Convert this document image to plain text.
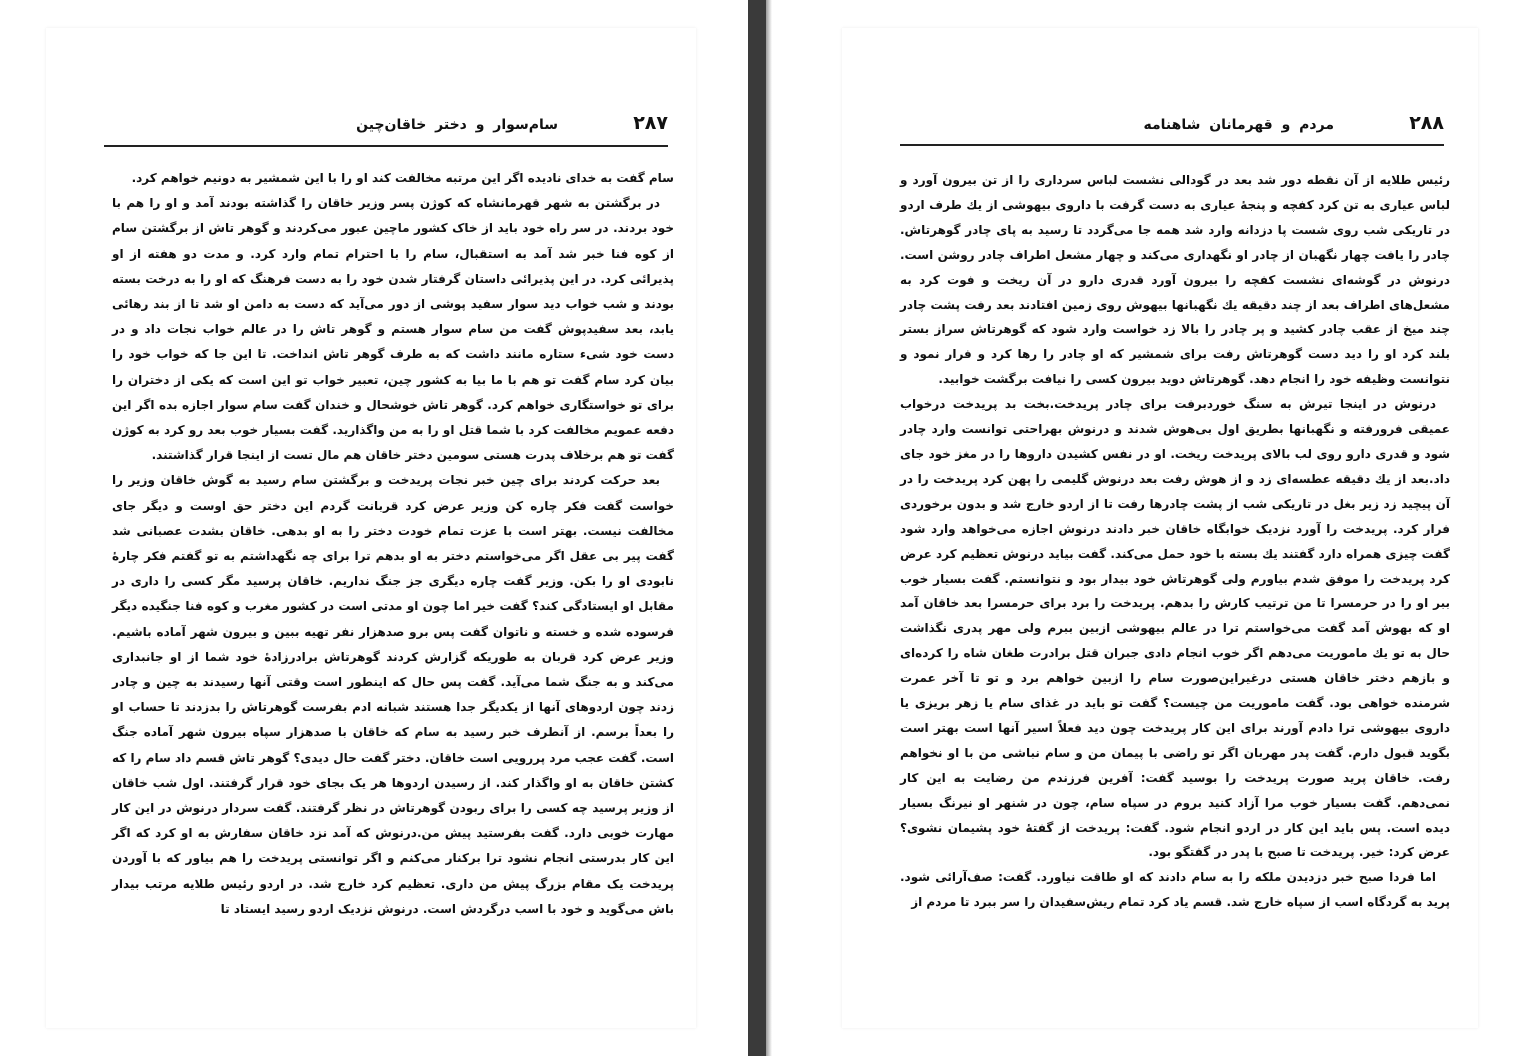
۲۸۷
سام‌سوار و دختر خاقان‌چین

سام گفت به خدای نادیده اگر این مرتبه مخالفت کند او را با این شمشیر به دونیم خواهم کرد.

در برگشتن به شهر قهرمانشاه که کوژن پسر وزیر خاقان را گذاشته بودند آمد و او را هم با خود بردند. در سر راه خود باید از خاک کشور ماچین عبور می‌کردند و گوهر تاش از برگشتن سام از کوه فنا خبر شد آمد به استقبال، سام را با احترام تمام وارد کرد. و مدت دو هفته از او پذیرائی کرد. در این پذیرائی داستان گرفتار شدن خود را به دست فرهنگ که او را به درخت بسته بودند و شب خواب دید سوار سفید پوشی از دور می‌آید که دست به دامن او شد تا از بند رهائی یابد، بعد سفیدپوش گفت من سام سوار هستم و گوهر تاش را در عالم خواب نجات داد و در دست خود شیء ستاره مانند داشت که به طرف گوهر تاش انداخت. تا این جا که خواب خود را بیان کرد سام گفت تو هم با ما بیا به کشور چین، تعبیر خواب تو این است که یکی از دختران را برای تو خواستگاری خواهم کرد. گوهر تاش خوشحال و خندان گفت سام سوار اجازه بده اگر این دفعه عمویم مخالفت کرد با شما قتل او را به من واگذارید. گفت بسیار خوب بعد رو کرد به کوژن گفت تو هم برخلاف پدرت هستی سومین دختر خاقان هم مال تست از اینجا قرار گذاشتند.

بعد حرکت کردند برای چین خبر نجات پریدخت و برگشتن سام رسید به گوش خاقان وزیر را خواست گفت فکر چاره کن وزیر عرض کرد قربانت گردم این دختر حق اوست و دیگر جای مخالفت نیست. بهتر است با عزت تمام خودت دختر را به او بدهی. خاقان بشدت عصبانی شد گفت پیر بی عقل اگر می‌خواستم دختر به او بدهم ترا برای چه نگهداشتم به تو گفتم فکر چارهٔ نابودی او را بکن. وزیر گفت چاره دیگری جز جنگ نداریم. خاقان پرسید مگر کسی را داری در مقابل او ایستادگی کند؟ گفت خیر اما چون او مدتی است در کشور مغرب و کوه فنا جنگیده دیگر فرسوده شده و خسته و ناتوان گفت پس برو صدهزار نفر تهیه ببین و بیرون شهر آماده باشیم. وزیر عرض کرد قربان به طوریکه گزارش کردند گوهرتاش برادرزادهٔ خود شما از او جانبداری می‌کند و به جنگ شما می‌آید. گفت پس حال که اینطور است وقتی آنها رسیدند به چین و چادر زدند چون اردوهای آنها از یکدیگر جدا هستند شبانه ادم بفرست گوهرتاش را بدزدند تا حساب او را بعداً برسم. از آنطرف خبر رسید به سام که خاقان با صدهزار سپاه بیرون شهر آماده جنگ است. گفت عجب مرد پررویی است خاقان. دختر گفت حال دیدی؟ گوهر تاش قسم داد سام را که کشتن خاقان به او واگذار کند. از رسیدن اردوها هر یک بجای خود قرار گرفتند. اول شب خاقان از وزیر پرسید چه کسی را برای ربودن گوهرتاش در نظر گرفتند. گفت سردار درنوش در این کار مهارت خوبی دارد. گفت بفرستید پیش من.درنوش که آمد نزد خاقان سفارش به او کرد که اگر این کار بدرستی انجام نشود ترا برکنار می‌کنم و اگر توانستی پریدخت را هم بیاور که با آوردن پریدخت یک مقام بزرگ پیش من داری. تعظیم کرد خارج شد. در اردو رئیس طلایه مرتب بیدار باش می‌گوید و خود با اسب درگردش است. درنوش نزدیک اردو رسید ایستاد تا

۲۸۸
مردم و قهرمانان شاهنامه

رئیس طلایه از آن نقطه دور شد بعد در گودالی نشست لباس سرداری را از تن بیرون آورد و لباس عیاری به تن کرد کفچه و پنجهٔ عیاری به دست گرفت با داروی بیهوشی از یك طرف اردو در تاریکی شب روی شست پا دزدانه وارد شد همه جا می‌گردد تا رسید به پای چادر گوهرتاش. چادر را یافت چهار نگهبان از چادر او نگهداری می‌کند و چهار مشعل اطراف چادر روشن است. درنوش در گوشه‌ای نشست کفچه را بیرون آورد قدری دارو در آن ریخت و فوت کرد به مشعل‌های اطراف بعد از چند دقیقه یك نگهبانها بیهوش روی زمین افتادند بعد رفت پشت چادر چند میخ از عقب چادر کشید و پر چادر را بالا زد خواست وارد شود که گوهرتاش سراز بستر بلند کرد او را دید دست گوهرتاش رفت برای شمشیر که او چادر را رها کرد و فرار نمود و نتوانست وظیفه خود را انجام دهد. گوهرتاش دوید بیرون کسی را نیافت برگشت خوابید.

درنوش در اینجا تیرش به سنگ خوردبرفت برای چادر پریدخت.بخت بد پریدخت درخواب عمیقی فرورفته و نگهبانها بطریق اول بی‌هوش شدند و درنوش بهراحتی توانست وارد چادر شود و قدری دارو روی لب بالای پریدخت ریخت. او در نفس کشیدن داروها را در مغز خود جای داد.بعد از یك دقیقه عطسه‌ای زد و از هوش رفت بعد درنوش گلیمی را پهن کرد پریدخت را در آن پیچید زد زیر بغل در تاریکی شب از پشت چادرها رفت تا از اردو خارج شد و بدون برخوردی فرار کرد. پریدخت را آورد نزدیک خوابگاه خاقان خبر دادند درنوش اجازه می‌خواهد وارد شود گفت چیزی همراه دارد گفتند یك بسته با خود حمل می‌کند. گفت بیاید درنوش تعظیم کرد عرض کرد پریدخت را موفق شدم بیاورم ولی گوهرتاش خود بیدار بود و نتوانستم. گفت بسیار خوب ببر او را در حرمسرا تا من ترتیب کارش را بدهم. پریدخت را برد برای حرمسرا بعد خاقان آمد او که بهوش آمد گفت می‌خواستم ترا در عالم بیهوشی ازبین ببرم ولی مهر پدری نگذاشت حال به تو یك ماموریت می‌دهم اگر خوب انجام دادی جبران قتل برادرت طغان شاه را کرده‌ای و بازهم دختر خاقان هستی درغیراین‌صورت سام را ازبین خواهم برد و تو تا آخر عمرت شرمنده خواهی بود. گفت ماموریت من چیست؟ گفت تو باید در غذای سام یا زهر بریزی یا داروی بیهوشی ترا دادم آورند برای این کار پریدخت چون دید فعلاً اسیر آنها است بهتر است بگوید قبول دارم. گفت پدر مهربان اگر تو راضی با پیمان من و سام نباشی من با او نخواهم رفت. خاقان پرید صورت پریدخت را بوسید گفت: آفرین فرزندم من رضایت به این کار نمی‌دهم. گفت بسیار خوب مرا آزاد کنید بروم در سپاه سام، چون در شنهر او نیرنگ بسیار دیده است. پس باید این کار در اردو انجام شود. گفت: پریدخت از گفتهٔ خود پشیمان نشوی؟ عرض کرد: خیر. پریدخت تا صبح با پدر در گفتگو بود.

اما فردا صبح خبر دزدیدن ملکه را به سام دادند که او طاقت نیاورد. گفت: صف‌آرائی شود. پرید به گردگاه اسب از سپاه خارج شد. قسم یاد کرد تمام ریش‌سفیدان را سر ببرد تا مردم از
